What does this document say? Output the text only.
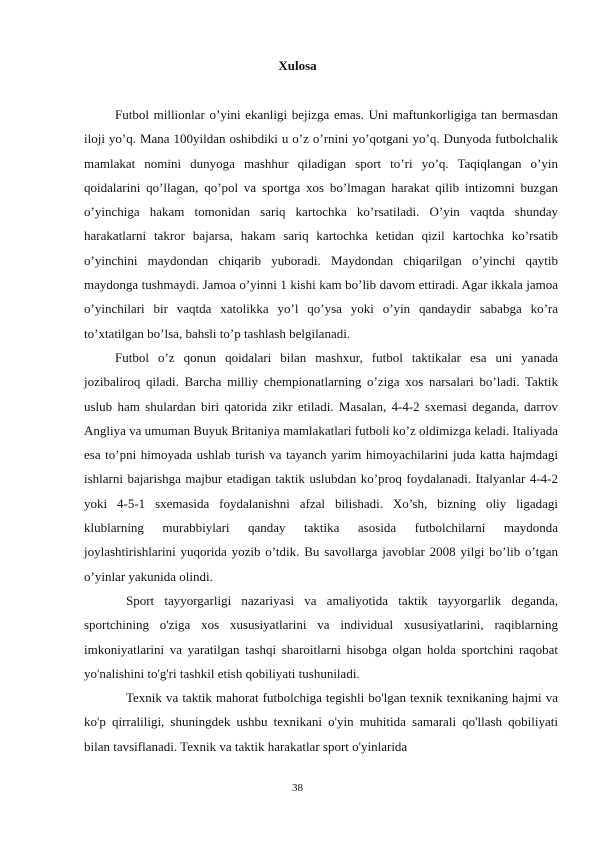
Xulosa

Futbol millionlar o’yini ekanligi bejizga emas. Uni maftunkorligiga tan bermasdan iloji yo’q. Mana 100yildan oshibdiki u o’z o’rnini yo’qotgani yo’q. Dunyoda futbolchalik mamlakat nomini dunyoga mashhur qiladigan sport to’ri yo’q. Taqiqlangan o’yin qoidalarini qo’llagan, qo’pol va sportga xos bo’lmagan harakat qilib intizomni buzgan o’yinchiga hakam tomonidan sariq kartochka ko’rsatiladi. O’yin vaqtda shunday harakatlarni takror bajarsa, hakam sariq kartochka ketidan qizil kartochka ko’rsatib o’yinchini maydondan chiqarib yuboradi. Maydondan chiqarilgan o’yinchi qaytib maydonga tushmaydi. Jamoa o’yinni 1 kishi kam bo’lib davom ettiradi. Agar ikkala jamoa o’yinchilari bir vaqtda xatolikka yo’l qo’ysa yoki o’yin qandaydir sababga ko’ra to’xtatilgan bo’lsa, bahsli to’p tashlash belgilanadi.

Futbol o’z qonun qoidalari bilan mashxur, futbol taktikalar esa uni yanada jozibaliroq qiladi. Barcha milliy chempionatlarning o’ziga xos narsalari bo’ladi. Taktik uslub ham shulardan biri qatorida zikr etiladi. Masalan, 4-4-2 sxemasi deganda, darrov Angliya va umuman Buyuk Britaniya mamlakatlari futboli ko’z oldimizga keladi. Italiyada esa to’pni himoyada ushlab turish va tayanch yarim himoyachilarini juda katta hajmdagi ishlarni bajarishga majbur etadigan taktik uslubdan ko’proq foydalanadi. Italyanlar 4-4-2 yoki 4-5-1 sxemasida foydalanishni afzal bilishadi. Xo’sh, bizning oliy ligadagi klublarning murabbiylari qanday taktika asosida futbolchilarni maydonda joylashtirishlarini yuqorida yozib o’tdik. Bu savollarga javoblar 2008 yilgi bo’lib o’tgan o’yinlar yakunida olindi.

Sport tayyorgarligi nazariyasi va amaliyotida taktik tayyorgarlik deganda, sportchining o'ziga xos xususiyatlarini va individual xususiyatlarini, raqiblarning imkoniyatlarini va yaratilgan tashqi sharoitlarni hisobga olgan holda sportchini raqobat yo'nalishini to'g'ri tashkil etish qobiliyati tushuniladi.

Texnik va taktik mahorat futbolchiga tegishli bo'lgan texnik texnikaning hajmi va ko'p qirraliligi, shuningdek ushbu texnikani o'yin muhitida samarali qo'llash qobiliyati bilan tavsiflanadi. Texnik va taktik harakatlar sport o'yinlarida

38
